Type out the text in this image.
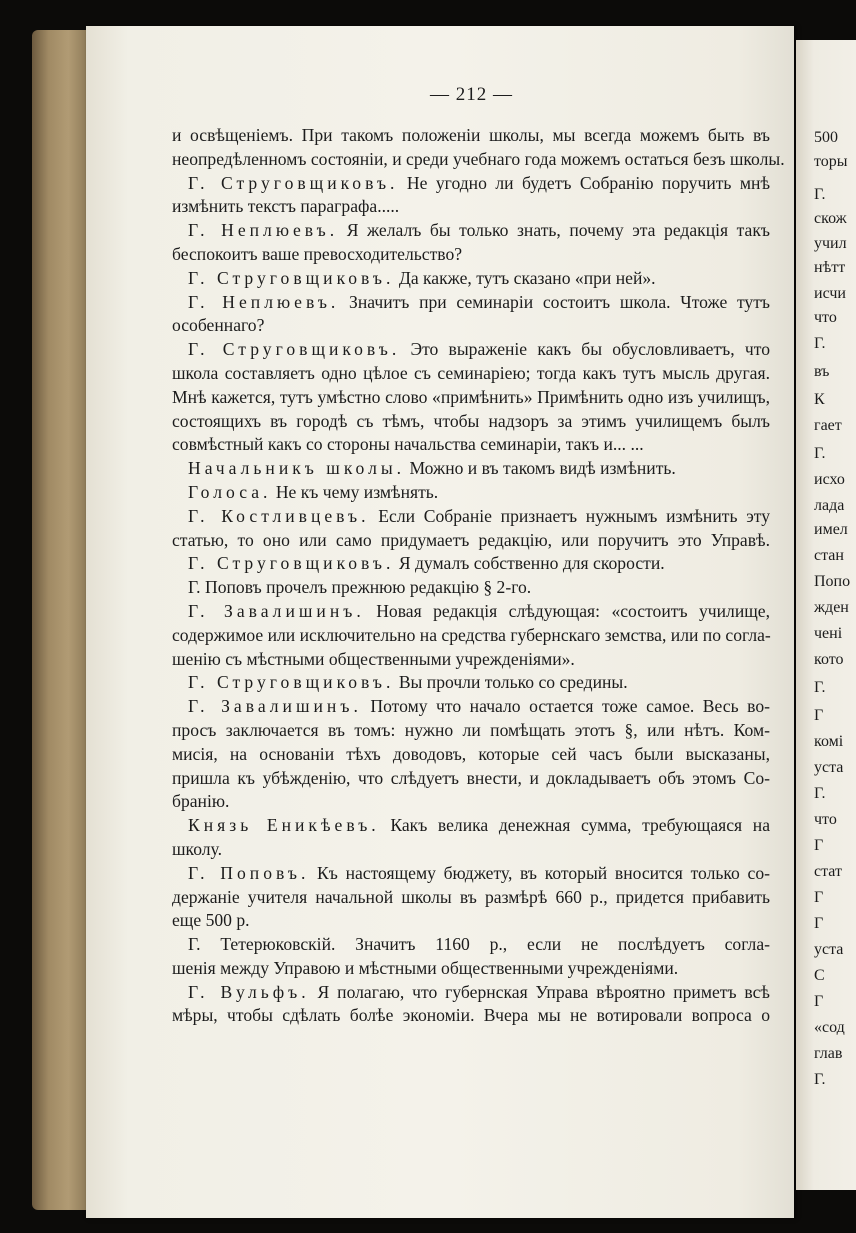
500
торы
Г.
скож
учил
нѣтт
исчи
что
Г.
въ
К
гает
Г.
исхо
лада
имел
стан
Попо
жден
чені
кото
Г.
Г
комі
уста
Г.
что
Г
стат
Г
Г
уста
С
Г
«сод
глав
Г.
— 212 —
и освѣщеніемъ. При такомъ положеніи школы, мы всегда можемъ быть въ
неопредѣленномъ состояніи, и среди учебнаго года можемъ остаться безъ школы.
Г. Струговщиковъ. Не угодно ли будетъ Собранію поручить мнѣ
измѣнить текстъ параграфа.....
Г. Неплюевъ. Я желалъ бы только знать, почему эта редакція такъ
беспокоитъ ваше превосходительство?
Г. Струговщиковъ. Да какже, тутъ сказано «при ней».
Г. Неплюевъ. Значитъ при семинаріи состоитъ школа. Чтоже тутъ
особеннаго?
Г. Струговщиковъ. Это выраженіе какъ бы обусловливаетъ, что
школа составляетъ одно цѣлое съ семинаріею; тогда какъ тутъ мысль другая.
Мнѣ кажется, тутъ умѣстно слово «примѣнить» Примѣнить одно изъ училищъ,
состоящихъ въ городѣ съ тѣмъ, чтобы надзоръ за этимъ училищемъ былъ
совмѣстный какъ со стороны начальства семинаріи, такъ и... ...
Начальникъ школы. Можно и въ такомъ видѣ измѣнить.
Голоса. Не къ чему измѣнять.
Г. Костливцевъ. Если Собраніе признаетъ нужнымъ измѣнить эту
статью, то оно или само придумаетъ редакцію, или поручитъ это Управѣ.
Г. Струговщиковъ. Я думалъ собственно для скорости.
Г. Поповъ прочелъ прежнюю редакцію § 2-го.
Г. Завалишинъ. Новая редакція слѣдующая: «состоитъ училище,
содержимое или исключительно на средства губернскаго земства, или по согла-
шенію съ мѣстными общественными учрежденіями».
Г. Струговщиковъ. Вы прочли только со средины.
Г. Завалишинъ. Потому что начало остается тоже самое. Весь во-
просъ заключается въ томъ: нужно ли помѣщать этотъ §, или нѣтъ. Ком-
мисія, на основаніи тѣхъ доводовъ, которые сей часъ были высказаны,
пришла къ убѣжденію, что слѣдуетъ внести, и докладываетъ объ этомъ Со-
бранію.
Князь Еникѣевъ. Какъ велика денежная сумма, требующаяся на
школу.
Г. Поповъ. Къ настоящему бюджету, въ который вносится только со-
держаніе учителя начальной школы въ размѣрѣ 660 р., придется прибавить
еще 500 р.
Г. Тетерюковскій. Значитъ 1160 р., если не послѣдуетъ согла-
шенія между Управою и мѣстными общественными учрежденіями.
Г. Вульфъ. Я полагаю, что губернская Управа вѣроятно приметъ всѣ
мѣры, чтобы сдѣлать болѣе экономіи. Вчера мы не вотировали вопроса о
